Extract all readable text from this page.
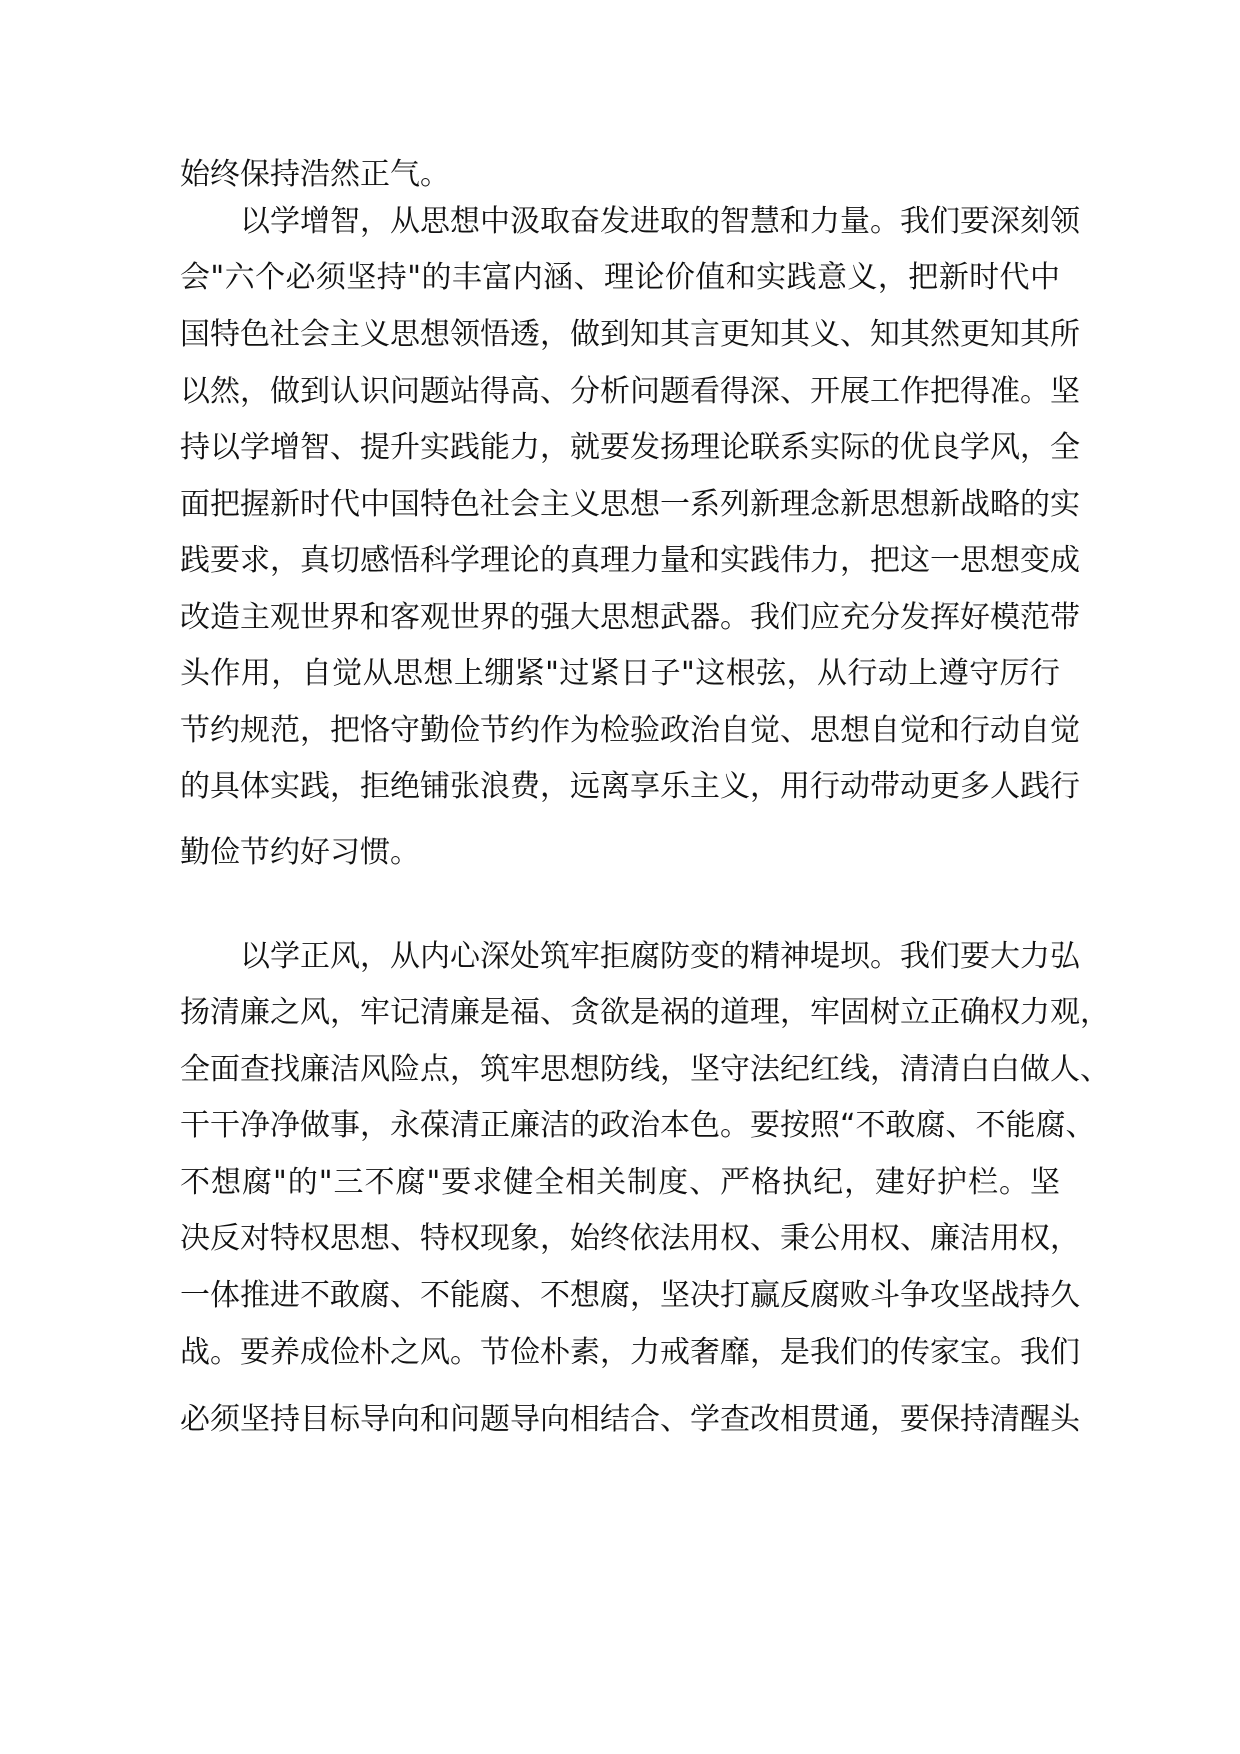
始终保持浩然正气。
以学增智，从思想中汲取奋发进取的智慧和力量。我们要深刻领
会"六个必须坚持"的丰富内涵、理论价值和实践意义，把新时代中
国特色社会主义思想领悟透，做到知其言更知其义、知其然更知其所
以然，做到认识问题站得高、分析问题看得深、开展工作把得准。坚
持以学增智、提升实践能力，就要发扬理论联系实际的优良学风，全
面把握新时代中国特色社会主义思想一系列新理念新思想新战略的实
践要求，真切感悟科学理论的真理力量和实践伟力，把这一思想变成
改造主观世界和客观世界的强大思想武器。我们应充分发挥好模范带
头作用，自觉从思想上绷紧"过紧日子"这根弦，从行动上遵守厉行
节约规范，把恪守勤俭节约作为检验政治自觉、思想自觉和行动自觉
的具体实践，拒绝铺张浪费，远离享乐主义，用行动带动更多人践行
勤俭节约好习惯。
以学正风，从内心深处筑牢拒腐防变的精神堤坝。我们要大力弘
扬清廉之风，牢记清廉是福、贪欲是祸的道理，牢固树立正确权力观，
全面查找廉洁风险点，筑牢思想防线，坚守法纪红线，清清白白做人、
干干净净做事，永葆清正廉洁的政治本色。要按照“不敢腐、不能腐、
不想腐"的"三不腐"要求健全相关制度、严格执纪，建好护栏。坚
决反对特权思想、特权现象，始终依法用权、秉公用权、廉洁用权，
一体推进不敢腐、不能腐、不想腐，坚决打赢反腐败斗争攻坚战持久
战。要养成俭朴之风。节俭朴素，力戒奢靡，是我们的传家宝。我们
必须坚持目标导向和问题导向相结合、学查改相贯通，要保持清醒头
